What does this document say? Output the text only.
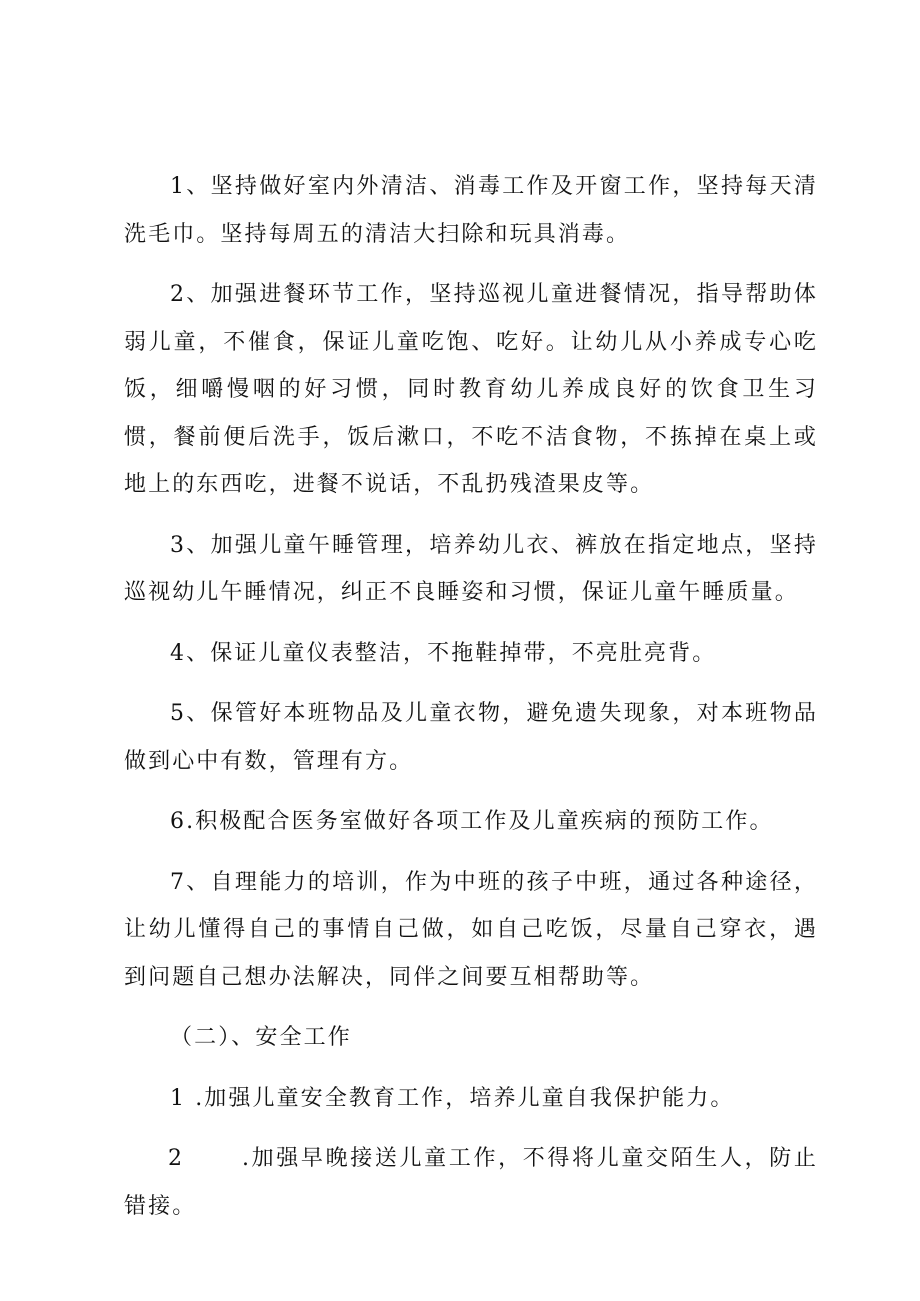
1、坚持做好室内外清洁、消毒工作及开窗工作，坚持每天清洗毛巾。坚持每周五的清洁大扫除和玩具消毒。

2、加强进餐环节工作，坚持巡视儿童进餐情况，指导帮助体弱儿童，不催食，保证儿童吃饱、吃好。让幼儿从小养成专心吃饭，细嚼慢咽的好习惯，同时教育幼儿养成良好的饮食卫生习惯，餐前便后洗手，饭后漱口，不吃不洁食物，不拣掉在桌上或地上的东西吃，进餐不说话，不乱扔残渣果皮等。

3、加强儿童午睡管理，培养幼儿衣、裤放在指定地点，坚持巡视幼儿午睡情况，纠正不良睡姿和习惯，保证儿童午睡质量。

4、保证儿童仪表整洁，不拖鞋掉带，不亮肚亮背。

5、保管好本班物品及儿童衣物，避免遗失现象，对本班物品做到心中有数，管理有方。

6.积极配合医务室做好各项工作及儿童疾病的预防工作。

7、自理能力的培训，作为中班的孩子中班，通过各种途径，让幼儿懂得自己的事情自己做，如自己吃饭，尽量自己穿衣，遇到问题自己想办法解决，同伴之间要互相帮助等。

（二）、安全工作

1 .加强儿童安全教育工作，培养儿童自我保护能力。

2	.加强早晚接送儿童工作，不得将儿童交陌生人，防止错接。
